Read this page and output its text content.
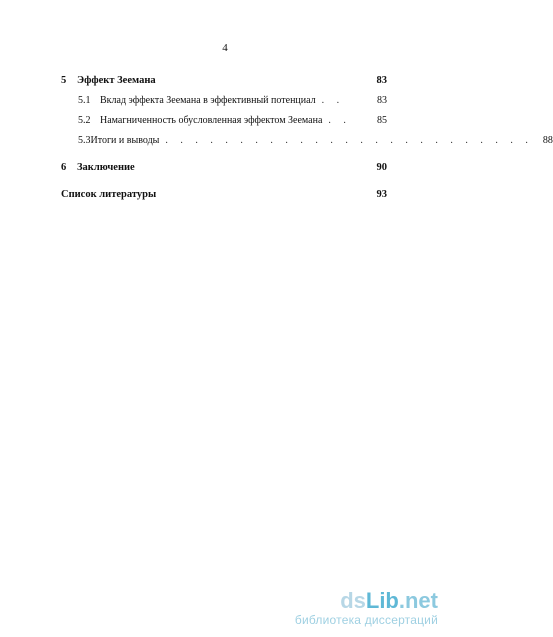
4
5	Эффект Зеемана	83
5.1 Вклад эффекта Зеемана в эффективный потенциал . .	83
5.2 Намагниченность обусловленная эффектом Зеемана . .	85
5.3 Итоги и выводы . . . . . . . . . . . . . . . . . . . . . . . . .	88
6	Заключение	90
Список литературы	93
dsLib.net
библиотека диссертаций
